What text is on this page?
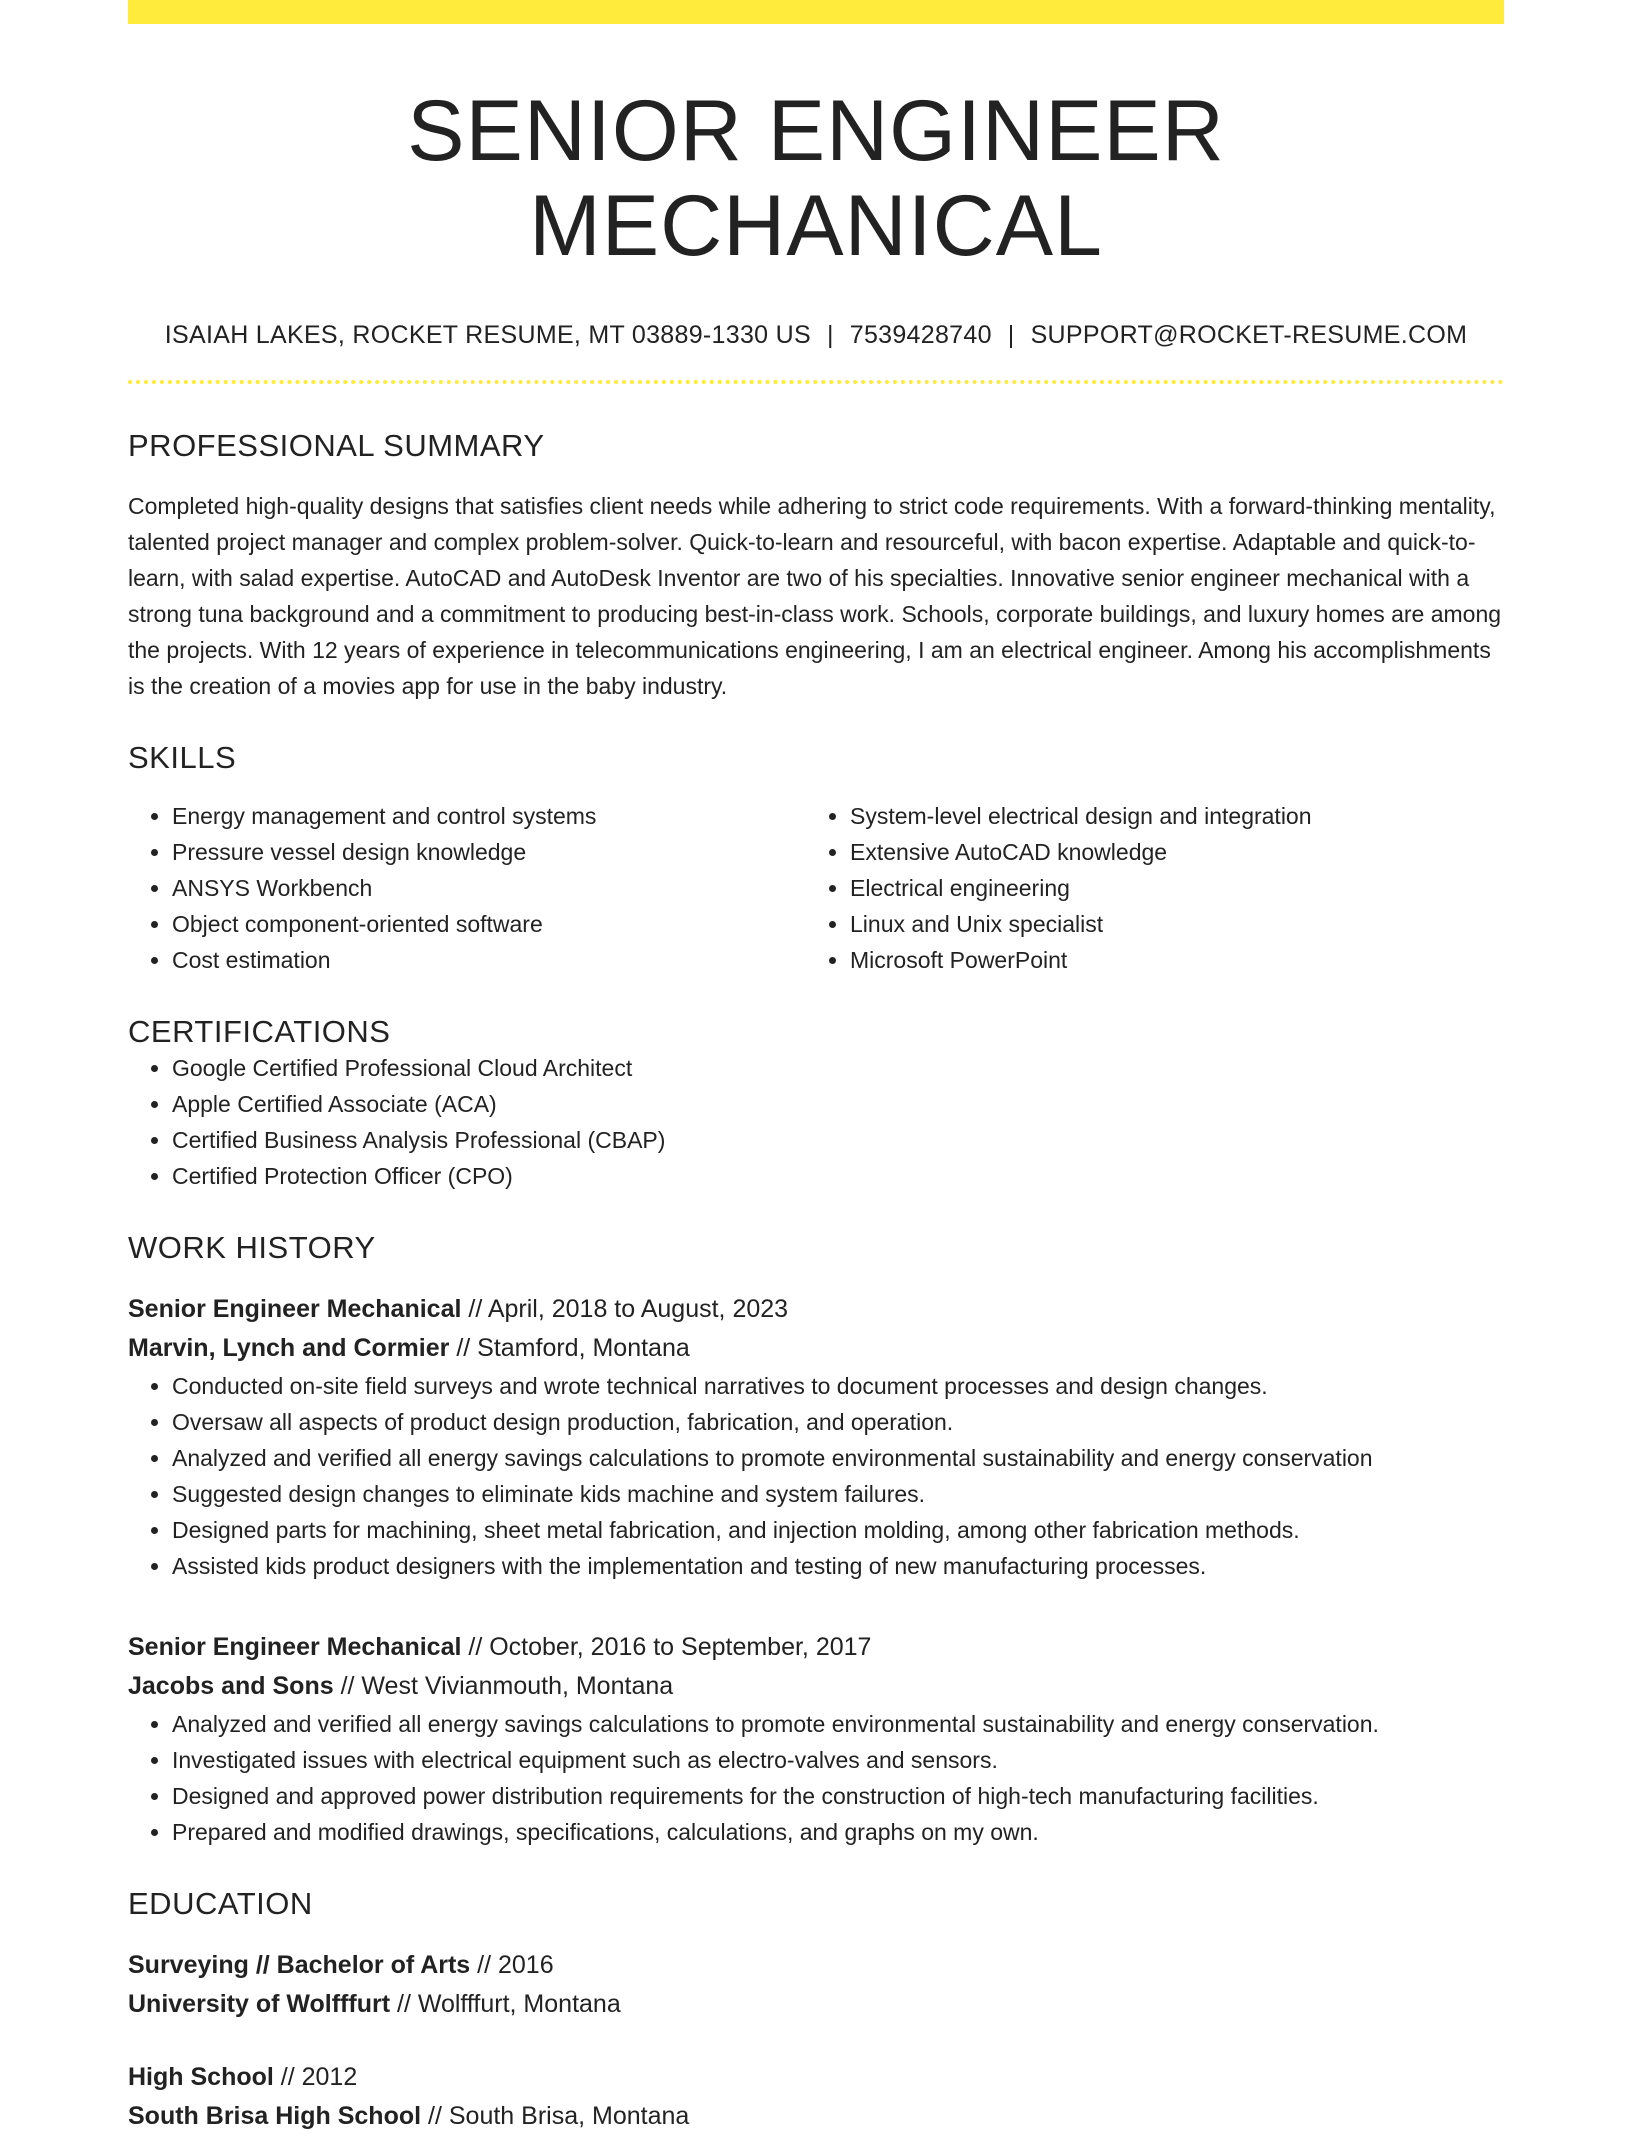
SENIOR ENGINEER MECHANICAL
ISAIAH LAKES, ROCKET RESUME, MT 03889-1330 US | 7539428740 | SUPPORT@ROCKET-RESUME.COM
PROFESSIONAL SUMMARY

Completed high-quality designs that satisfies client needs while adhering to strict code requirements. With a forward-thinking mentality, talented project manager and complex problem-solver. Quick-to-learn and resourceful, with bacon expertise. Adaptable and quick-to-learn, with salad expertise. AutoCAD and AutoDesk Inventor are two of his specialties. Innovative senior engineer mechanical with a strong tuna background and a commitment to producing best-in-class work. Schools, corporate buildings, and luxury homes are among the projects. With 12 years of experience in telecommunications engineering, I am an electrical engineer. Among his accomplishments is the creation of a movies app for use in the baby industry.

SKILLS
• Energy management and control systems
• Pressure vessel design knowledge
• ANSYS Workbench
• Object component-oriented software
• Cost estimation
• System-level electrical design and integration
• Extensive AutoCAD knowledge
• Electrical engineering
• Linux and Unix specialist
• Microsoft PowerPoint
CERTIFICATIONS
• Google Certified Professional Cloud Architect
• Apple Certified Associate (ACA)
• Certified Business Analysis Professional (CBAP)
• Certified Protection Officer (CPO)
WORK HISTORY
Senior Engineer Mechanical // April, 2018 to August, 2023
Marvin, Lynch and Cormier // Stamford, Montana
• Conducted on-site field surveys and wrote technical narratives to document processes and design changes.
• Oversaw all aspects of product design production, fabrication, and operation.
• Analyzed and verified all energy savings calculations to promote environmental sustainability and energy conservation
• Suggested design changes to eliminate kids machine and system failures.
• Designed parts for machining, sheet metal fabrication, and injection molding, among other fabrication methods.
• Assisted kids product designers with the implementation and testing of new manufacturing processes.
Senior Engineer Mechanical // October, 2016 to September, 2017
Jacobs and Sons // West Vivianmouth, Montana
• Analyzed and verified all energy savings calculations to promote environmental sustainability and energy conservation.
• Investigated issues with electrical equipment such as electro-valves and sensors.
• Designed and approved power distribution requirements for the construction of high-tech manufacturing facilities.
• Prepared and modified drawings, specifications, calculations, and graphs on my own.
EDUCATION
Surveying // Bachelor of Arts // 2016
University of Wolfffurt // Wolfffurt, Montana
High School // 2012
South Brisa High School // South Brisa, Montana
